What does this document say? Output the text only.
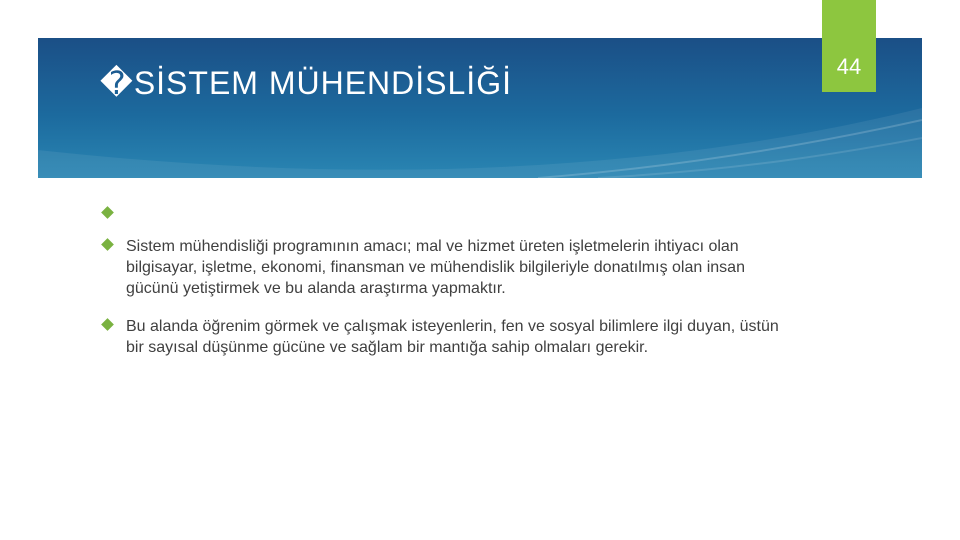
�SİSTEM MÜHENDİSLİĞİ	44
Sistem mühendisliği programının amacı; mal ve hizmet üreten işletmelerin ihtiyacı olan bilgisayar, işletme, ekonomi, finansman ve mühendislik bilgileriyle donatılmış olan insan gücünü yetiştirmek ve bu alanda araştırma yapmaktır.
Bu alanda öğrenim görmek ve çalışmak isteyenlerin, fen ve sosyal bilimlere ilgi duyan, üstün bir sayısal düşünme gücüne ve sağlam bir mantığa sahip olmaları gerekir.
